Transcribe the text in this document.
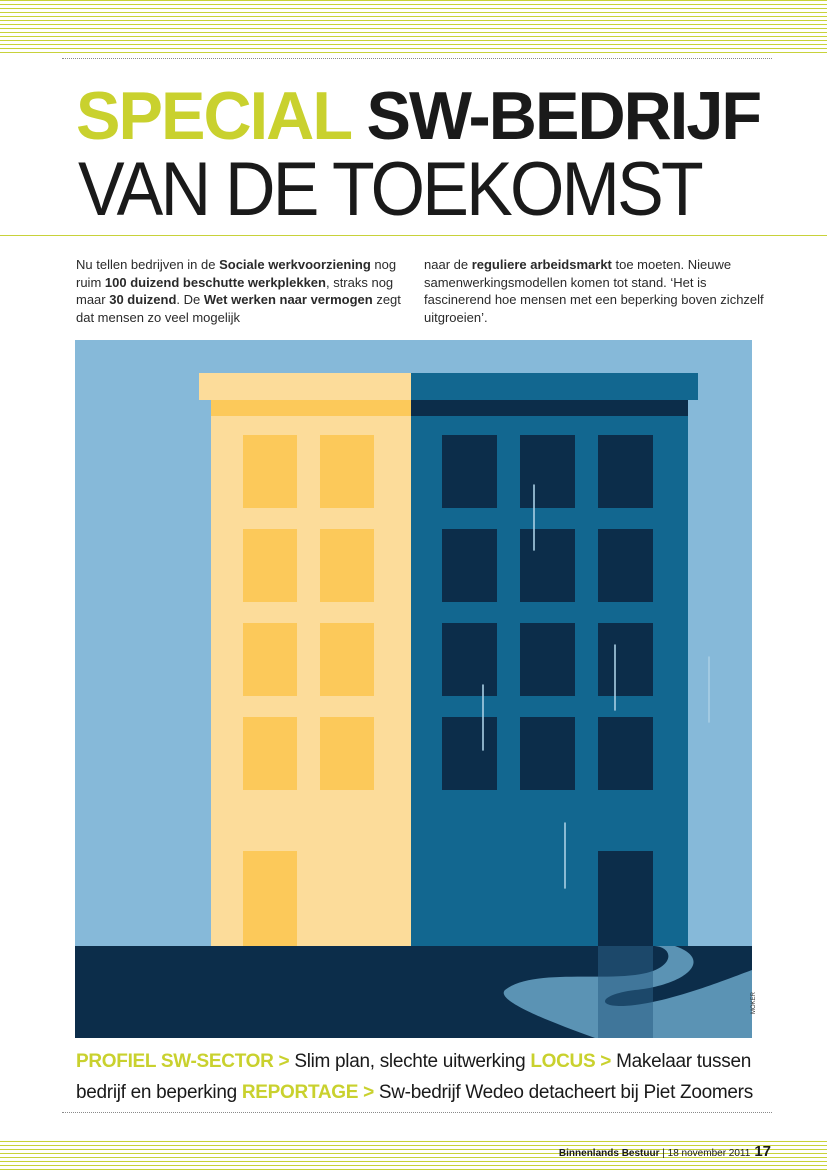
SPECIAL SW-BEDRIJF
VAN DE TOEKOMST

Nu tellen bedrijven in de Sociale werkvoorziening nog ruim 100 duizend beschutte werkplekken, straks nog maar 30 duizend. De Wet werken naar vermogen zegt dat mensen zo veel mogelijk

naar de reguliere arbeidsmarkt toe moeten. Nieuwe samenwerkingsmodellen komen tot stand. ‘Het is fascinerend hoe mensen met een beperking boven zichzelf uitgroeien’.

MOKER

PROFIEL SW-SECTOR > Slim plan, slechte uitwerking LOCUS > Makelaar tussen bedrijf en beperking REPORTAGE > Sw-bedrijf Wedeo detacheert bij Piet Zoomers

Binnenlands Bestuur | 18 november 2011 17
